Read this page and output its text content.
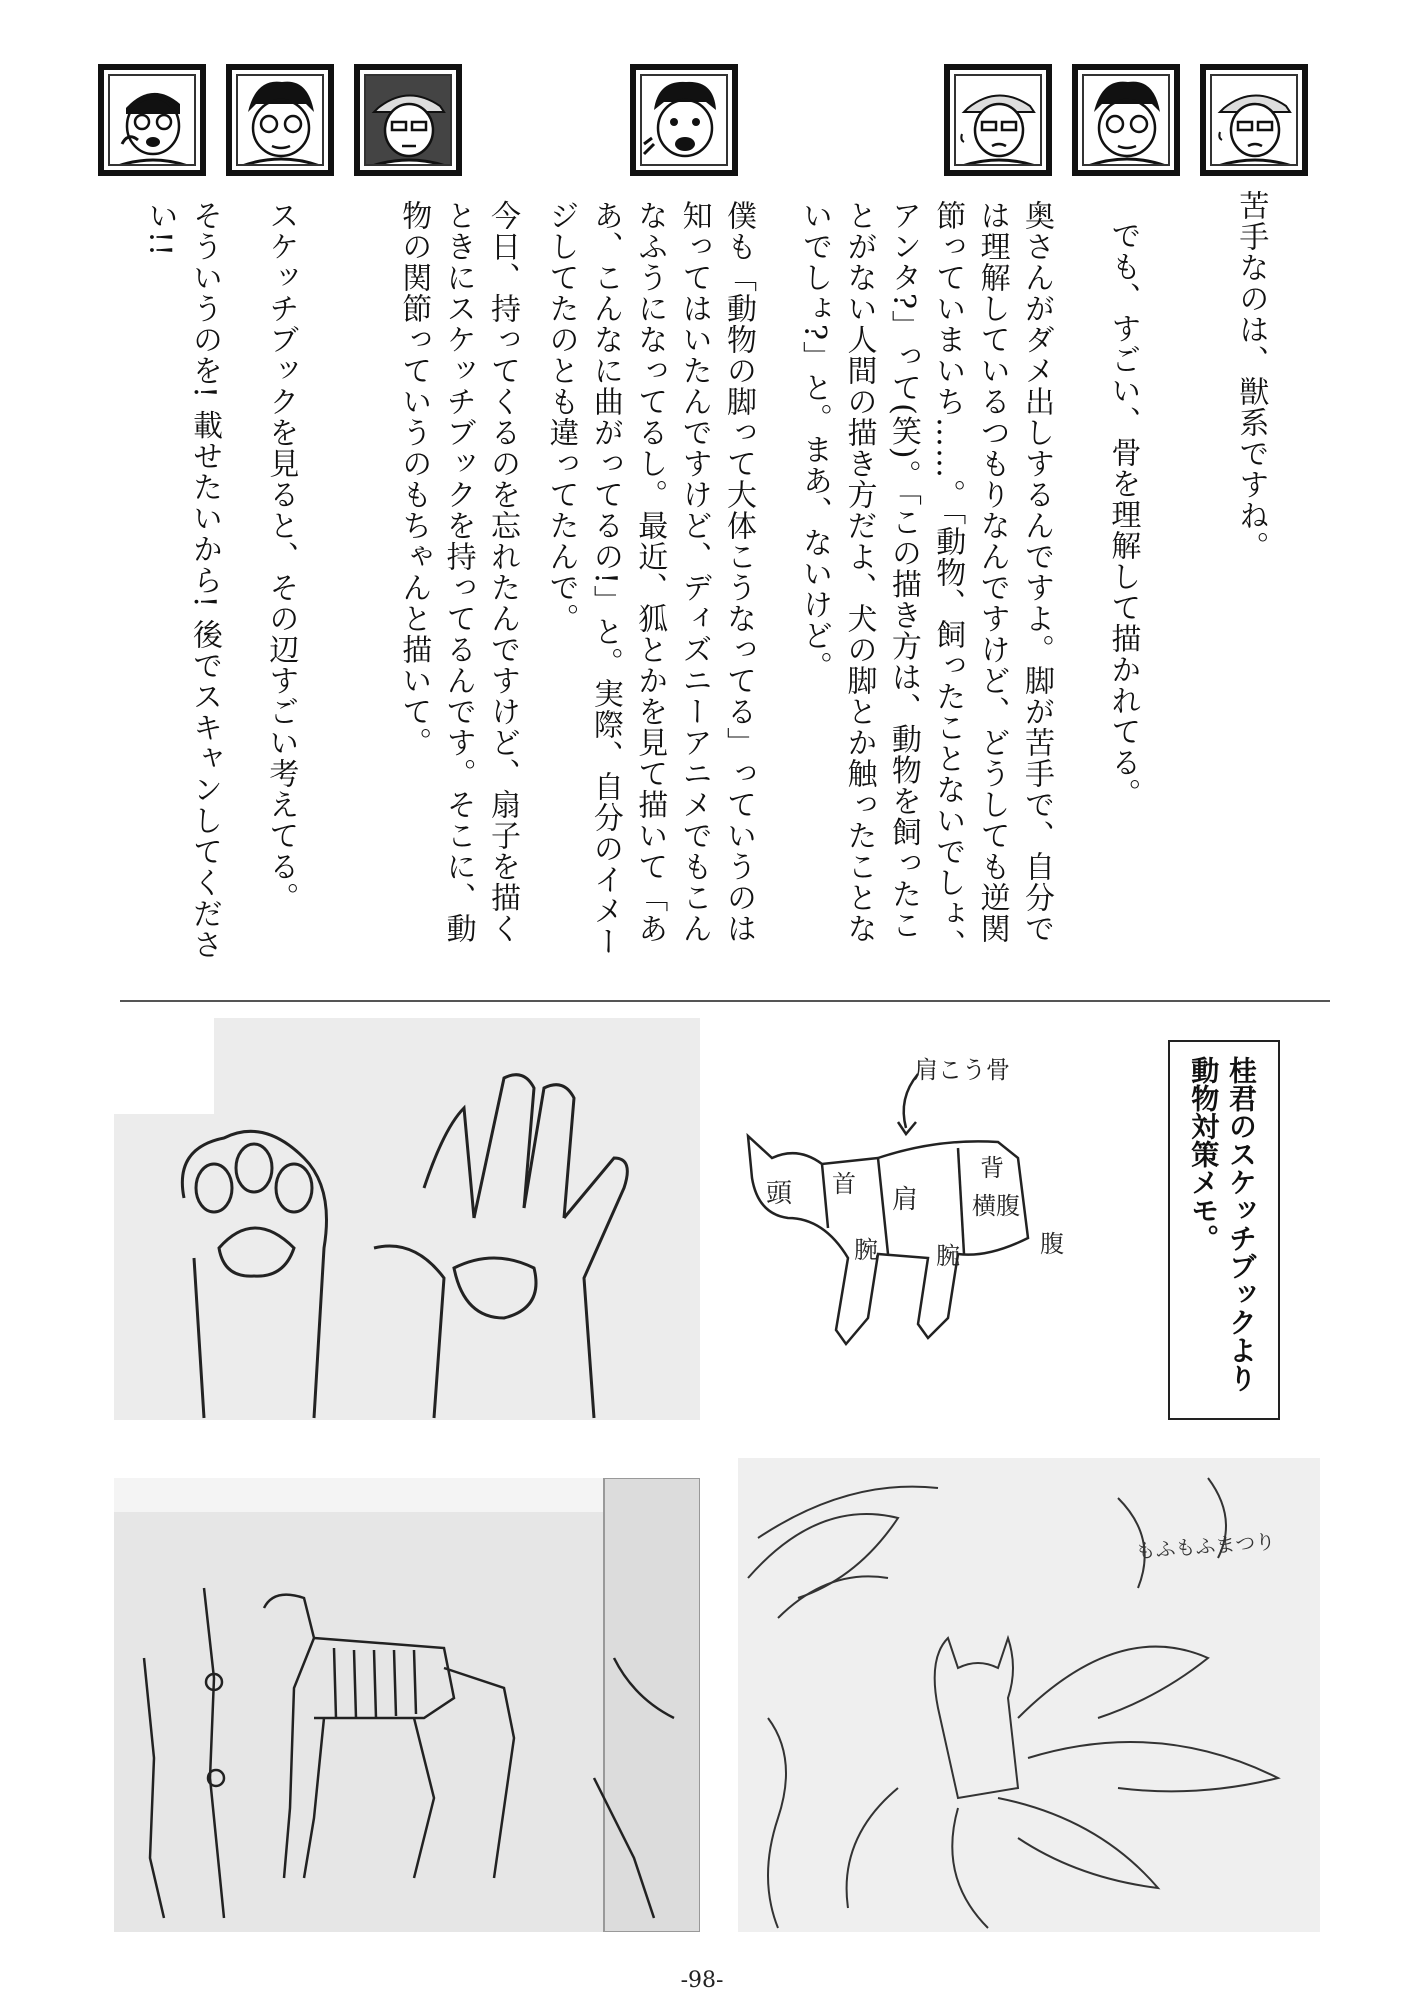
苦手なのは、獣系ですね。

でも、すごい、骨を理解して描かれてる。

奥さんがダメ出しするんですよ。脚が苦手で、自分では理解しているつもりなんですけど、どうしても逆関節っていまいち……。「動物、飼ったことないでしょ、アンタ?」って(笑)。「この描き方は、動物を飼ったことがない人間の描き方だよ、犬の脚とか触ったことないでしょ?」と。まあ、ないけど。

僕も「動物の脚って大体こうなってる」っていうのは知ってはいたんですけど、ディズニーアニメでもこんなふうになってるし。最近、狐とかを見て描いて「ああ、こんなに曲がってるの!」と。実際、自分のイメージしてたのとも違ってたんで。

今日、持ってくるのを忘れたんですけど、扇子を描くときにスケッチブックを持ってるんです。そこに、動物の関節っていうのもちゃんと描いて。

スケッチブックを見ると、その辺すごい考えてる。

そういうのを! 載せたいから! 後でスキャンしてください!!

肩こう骨
頭 首
肩
背
横腹
腹
腕 腕	桂君のスケッチブックより
動物対策メモ。
もふもふまつり
-98-
